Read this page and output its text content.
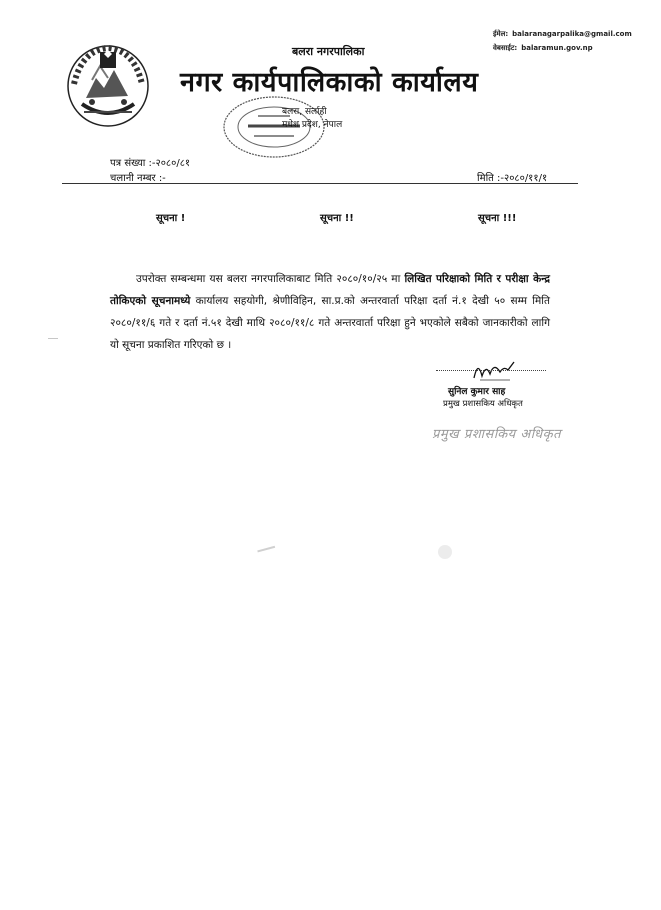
ईमेल: balaranagarpalika@gmail.com
वेबसाईट: balaramun.gov.np
बलरा नगरपालिका
नगर कार्यपालिकाको कार्यालय
बलरा, सर्लाही
मधेश प्रदेश, नेपाल
पत्र संख्या :-२०८०/८१
चलानी नम्बर :-	मिति :-२०८०/११/१
सूचना !	सूचना !!	सूचना !!!
उपरोक्त सम्बन्धमा यस बलरा नगरपालिकाबाट मिति २०८०/१०/२५ मा लिखित परिक्षाको मिति र परीक्षा केन्द्र तोकिएको सूचनामध्ये कार्यालय सहयोगी, श्रेणीविहिन, सा.प्र.को अन्तरवार्ता परिक्षा दर्ता नं.१ देखी ५० सम्म मिति २०८०/११/६ गते र दर्ता नं.५१ देखी माथि २०८०/११/८ गते अन्तरवार्ता परिक्षा हुने भएकोले सबैको जानकारीको लागि यो सूचना प्रकाशित गरिएको छ ।
सुनिल कुमार साह
प्रमुख प्रशासकिय अधिकृत
प्रमुख प्रशासकिय अधिकृत
